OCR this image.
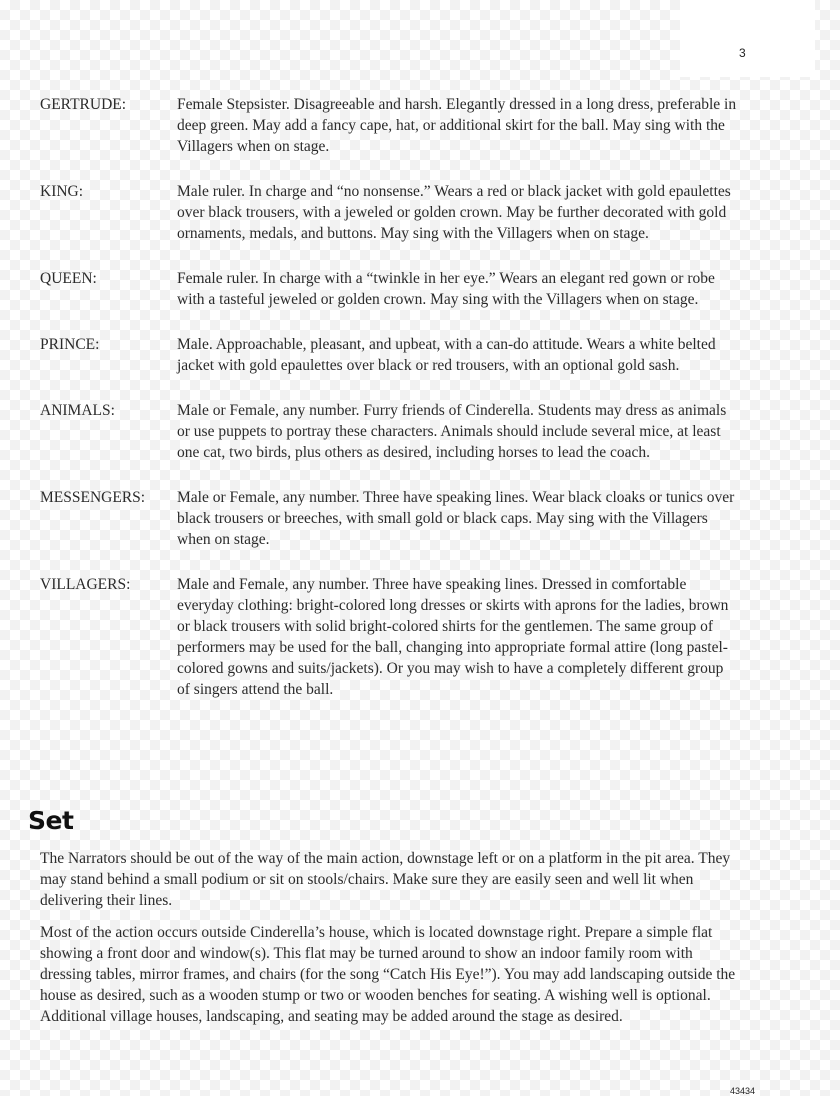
3
GERTRUDE:	Female Stepsister. Disagreeable and harsh. Elegantly dressed in a long dress, preferable in deep green. May add a fancy cape, hat, or additional skirt for the ball. May sing with the Villagers when on stage.
KING:	Male ruler. In charge and “no nonsense.” Wears a red or black jacket with gold epaulettes over black trousers, with a jeweled or golden crown. May be further decorated with gold ornaments, medals, and buttons. May sing with the Villagers when on stage.
QUEEN:	Female ruler. In charge with a “twinkle in her eye.” Wears an elegant red gown or robe with a tasteful jeweled or golden crown. May sing with the Villagers when on stage.
PRINCE:	Male. Approachable, pleasant, and upbeat, with a can-do attitude. Wears a white belted jacket with gold epaulettes over black or red trousers, with an optional gold sash.
ANIMALS:	Male or Female, any number. Furry friends of Cinderella. Students may dress as animals or use puppets to portray these characters. Animals should include several mice, at least one cat, two birds, plus others as desired, including horses to lead the coach.
MESSENGERS:	Male or Female, any number. Three have speaking lines. Wear black cloaks or tunics over black trousers or breeches, with small gold or black caps. May sing with the Villagers when on stage.
VILLAGERS:	Male and Female, any number. Three have speaking lines. Dressed in comfortable everyday clothing: bright-colored long dresses or skirts with aprons for the ladies, brown or black trousers with solid bright-colored shirts for the gentlemen. The same group of performers may be used for the ball, changing into appropriate formal attire (long pastel-colored gowns and suits/jackets). Or you may wish to have a completely different group of singers attend the ball.
Set

The Narrators should be out of the way of the main action, downstage left or on a platform in the pit area. They may stand behind a small podium or sit on stools/chairs. Make sure they are easily seen and well lit when delivering their lines.

Most of the action occurs outside Cinderella’s house, which is located downstage right. Prepare a simple flat showing a front door and window(s). This flat may be turned around to show an indoor family room with dressing tables, mirror frames, and chairs (for the song “Catch His Eye!”). You may add landscaping outside the house as desired, such as a wooden stump or two or wooden benches for seating. A wishing well is optional. Additional village houses, landscaping, and seating may be added around the stage as desired.

43434
